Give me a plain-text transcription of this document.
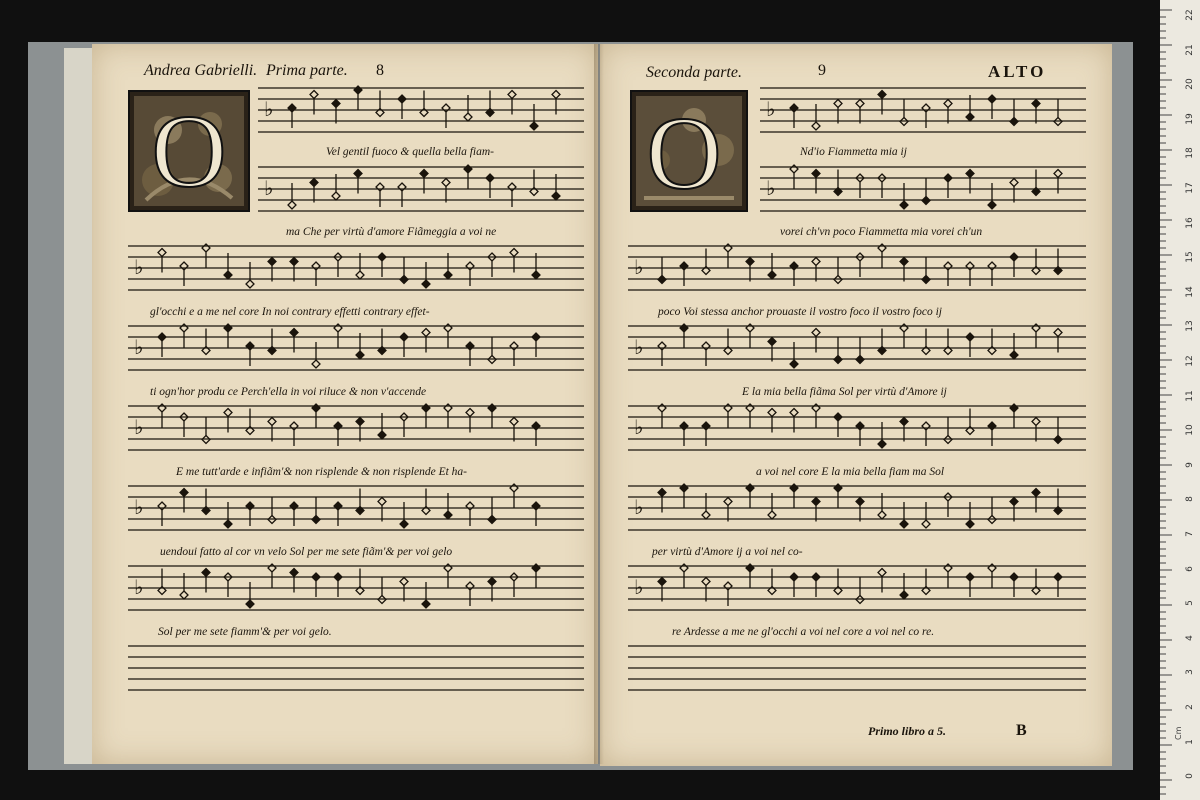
Andrea Gabrielli. Prima parte. 8
O
Seconda parte.	9	ALTO
O
Primo libro a 5.	B
♭
♭
♭
♭
♭
♭
♭
♭
♭
♭
♭
♭
♭
♭
Vel gentil fuoco & quella bella fiam-
ma Che per virtù d'amore Fiãmeggia a voi ne
gl'occhi e a me nel core In noi contrary effetti contrary effet-
ti ogn'hor produ ce Perch'ella in voi riluce & non v'accende
E me tutt'arde e infiãm'& non risplende & non risplende Et ha-
uendoui fatto al cor vn velo Sol per me sete fiãm'& per voi gelo
Sol per me sete fiamm'& per voi gelo.
Nd'io Fiammetta mia ij
vorei ch'vn poco Fiammetta mia vorei ch'un
poco Voi stessa anchor prouaste il vostro foco il vostro foco ij
E la mia bella fiãma Sol per virtù d'Amore ij
a voi nel core E la mia bella fiam ma Sol
per virtù d'Amore ij a voi nel co-
re Ardesse a me ne gl'occhi a voi nel core a voi nel co re.
Cm
22
21
20
19
18
17
16
15
14
13
12
11
10
9
8
7
6
5
4
3
2
1
0
